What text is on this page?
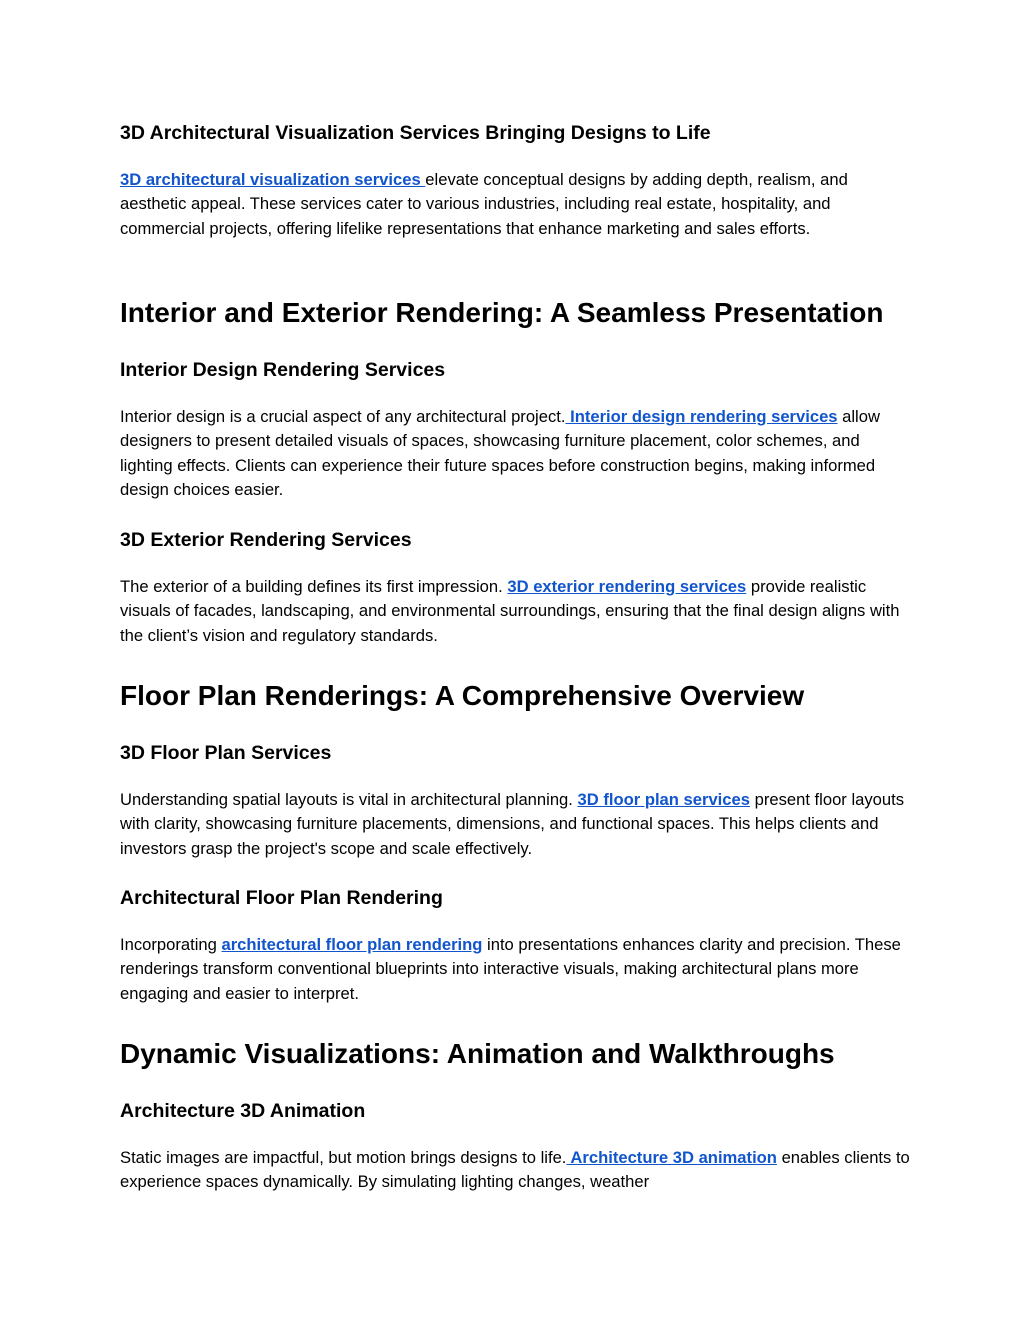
3D Architectural Visualization Services Bringing Designs to Life

3D architectural visualization services elevate conceptual designs by adding depth, realism, and aesthetic appeal. These services cater to various industries, including real estate, hospitality, and commercial projects, offering lifelike representations that enhance marketing and sales efforts.

Interior and Exterior Rendering: A Seamless Presentation
Interior Design Rendering Services

Interior design is a crucial aspect of any architectural project. Interior design rendering services allow designers to present detailed visuals of spaces, showcasing furniture placement, color schemes, and lighting effects. Clients can experience their future spaces before construction begins, making informed design choices easier.

3D Exterior Rendering Services

The exterior of a building defines its first impression. 3D exterior rendering services provide realistic visuals of facades, landscaping, and environmental surroundings, ensuring that the final design aligns with the client’s vision and regulatory standards.

Floor Plan Renderings: A Comprehensive Overview
3D Floor Plan Services

Understanding spatial layouts is vital in architectural planning. 3D floor plan services present floor layouts with clarity, showcasing furniture placements, dimensions, and functional spaces. This helps clients and investors grasp the project's scope and scale effectively.

Architectural Floor Plan Rendering

Incorporating architectural floor plan rendering into presentations enhances clarity and precision. These renderings transform conventional blueprints into interactive visuals, making architectural plans more engaging and easier to interpret.

Dynamic Visualizations: Animation and Walkthroughs
Architecture 3D Animation

Static images are impactful, but motion brings designs to life. Architecture 3D animation enables clients to experience spaces dynamically. By simulating lighting changes, weather
